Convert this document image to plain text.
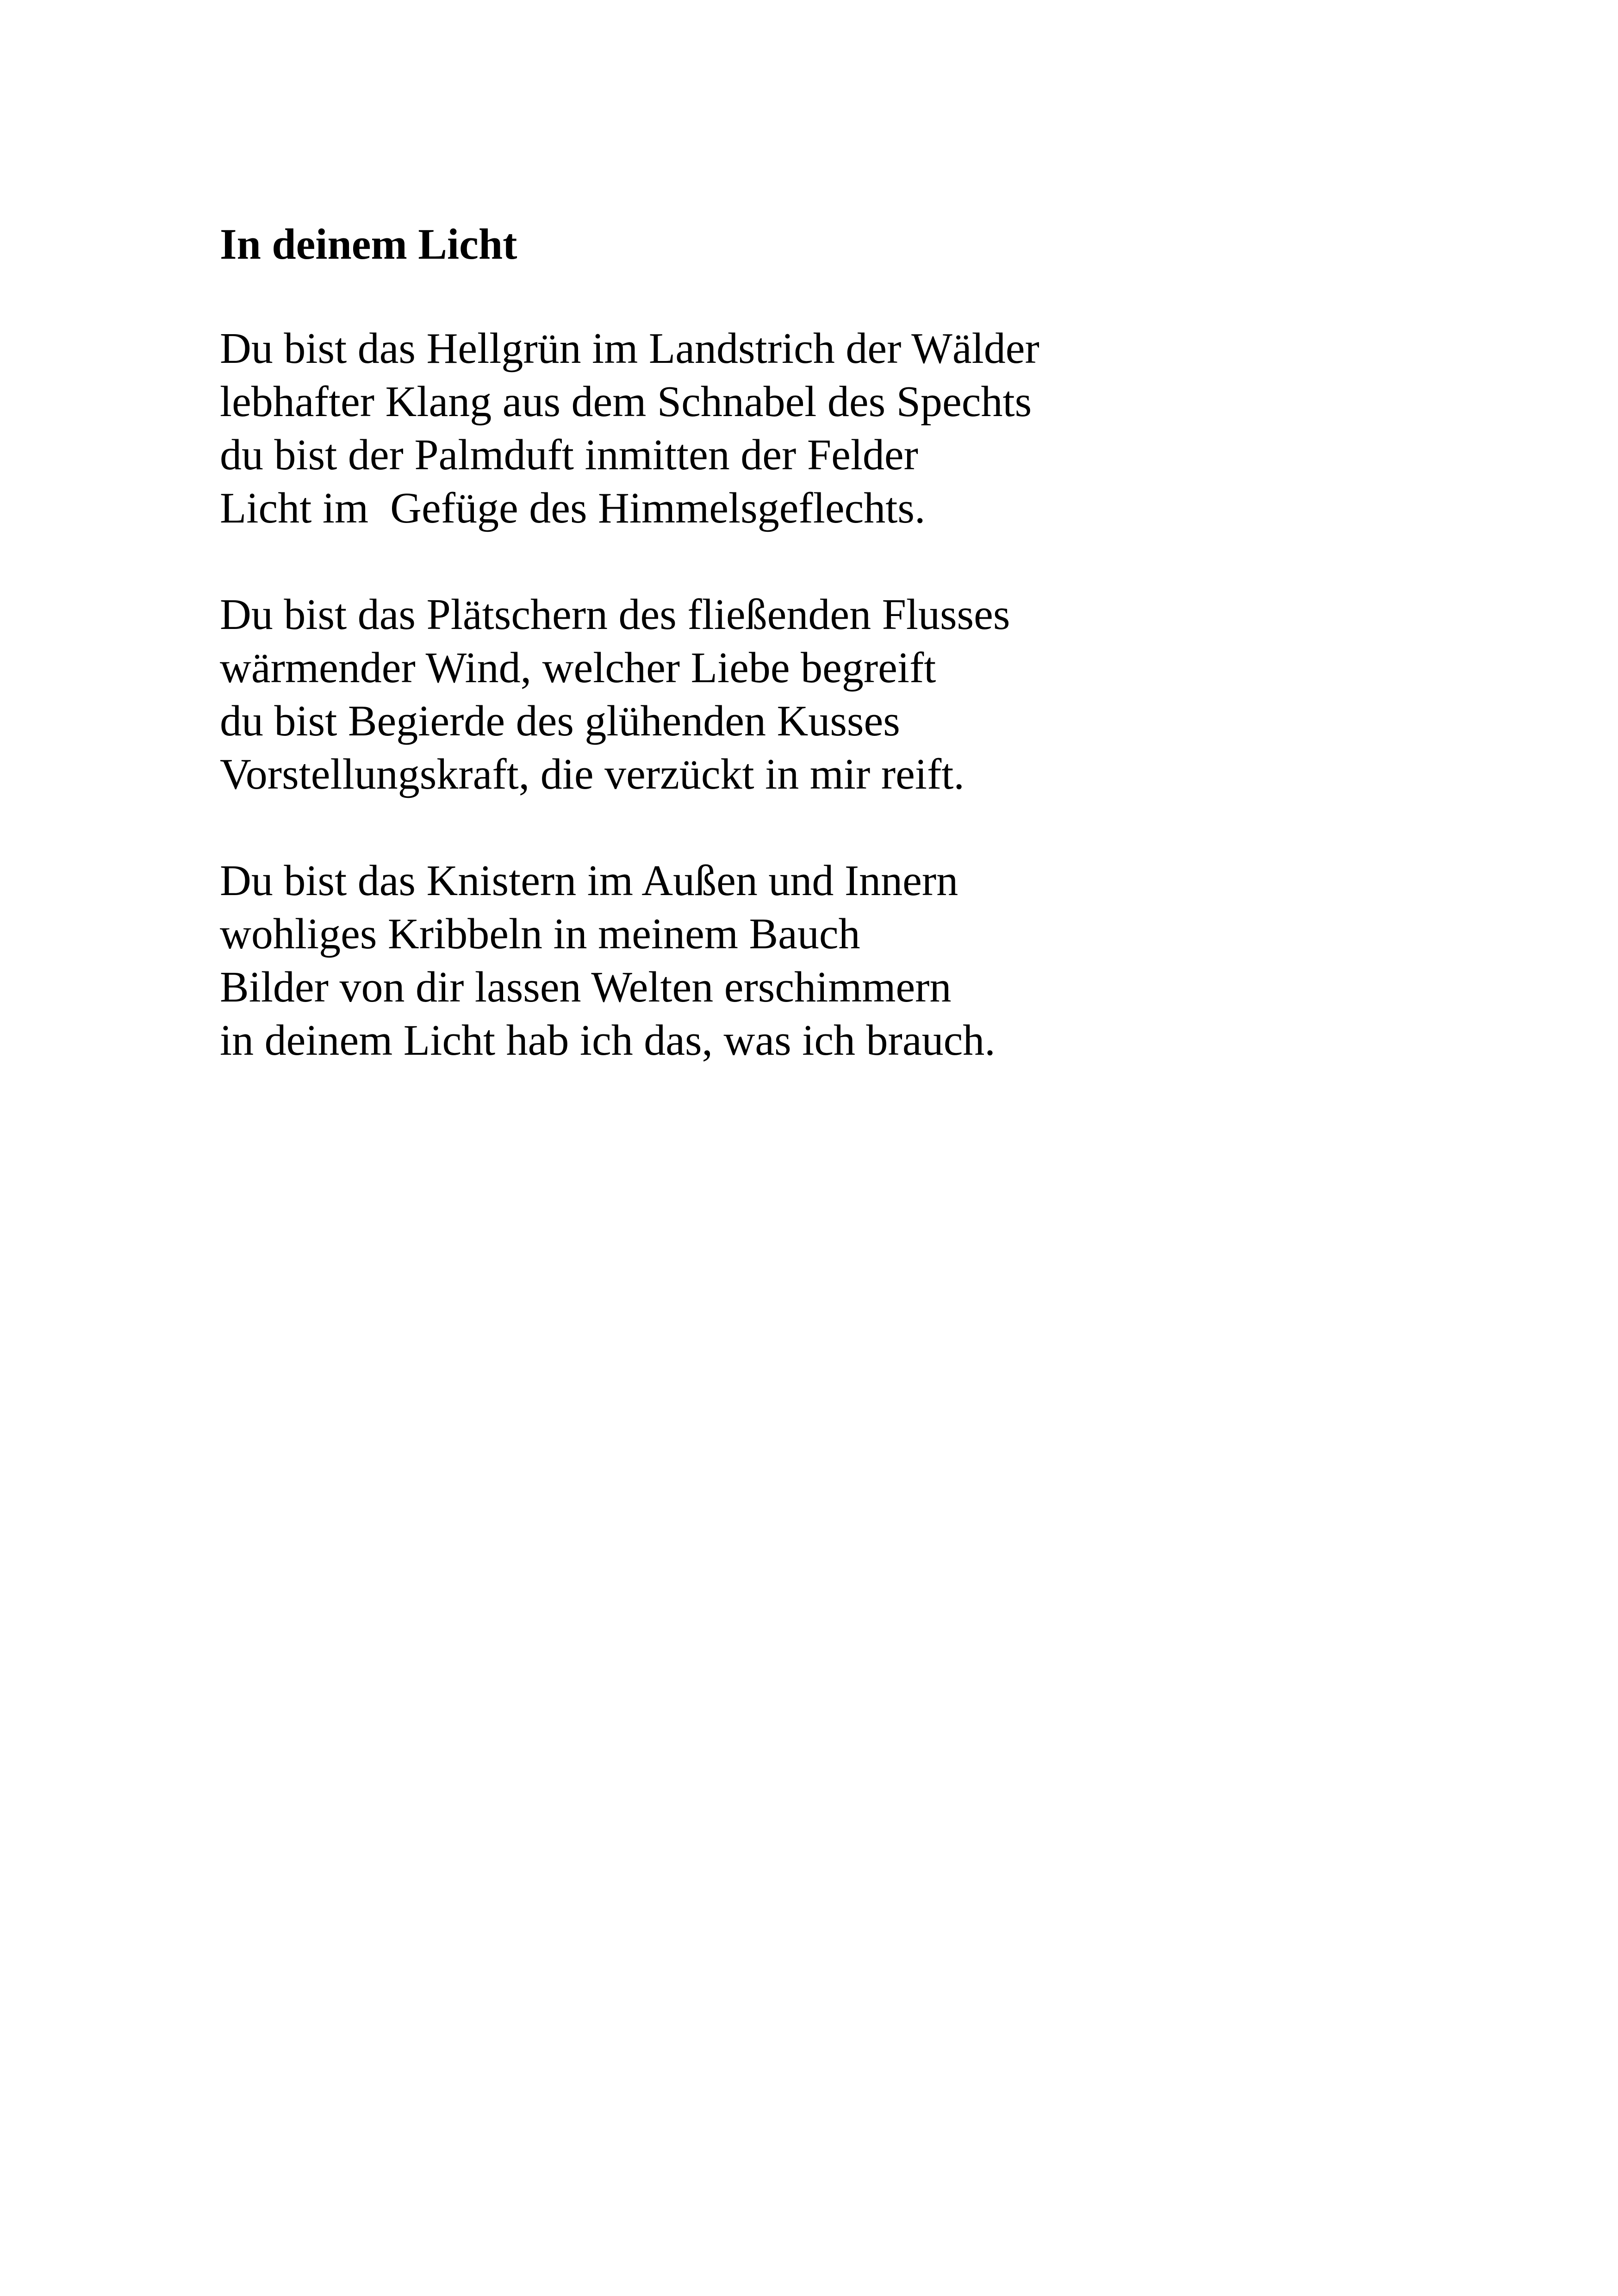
In deinem Licht
Du bist das Hellgrün im Landstrich der Wälder
lebhafter Klang aus dem Schnabel des Spechts
du bist der Palmduft inmitten der Felder
Licht im  Gefüge des Himmelsgeflechts.
Du bist das Plätschern des fließenden Flusses
wärmender Wind, welcher Liebe begreift
du bist Begierde des glühenden Kusses
Vorstellungskraft, die verzückt in mir reift.
Du bist das Knistern im Außen und Innern
wohliges Kribbeln in meinem Bauch
Bilder von dir lassen Welten erschimmern
in deinem Licht hab ich das, was ich brauch.
